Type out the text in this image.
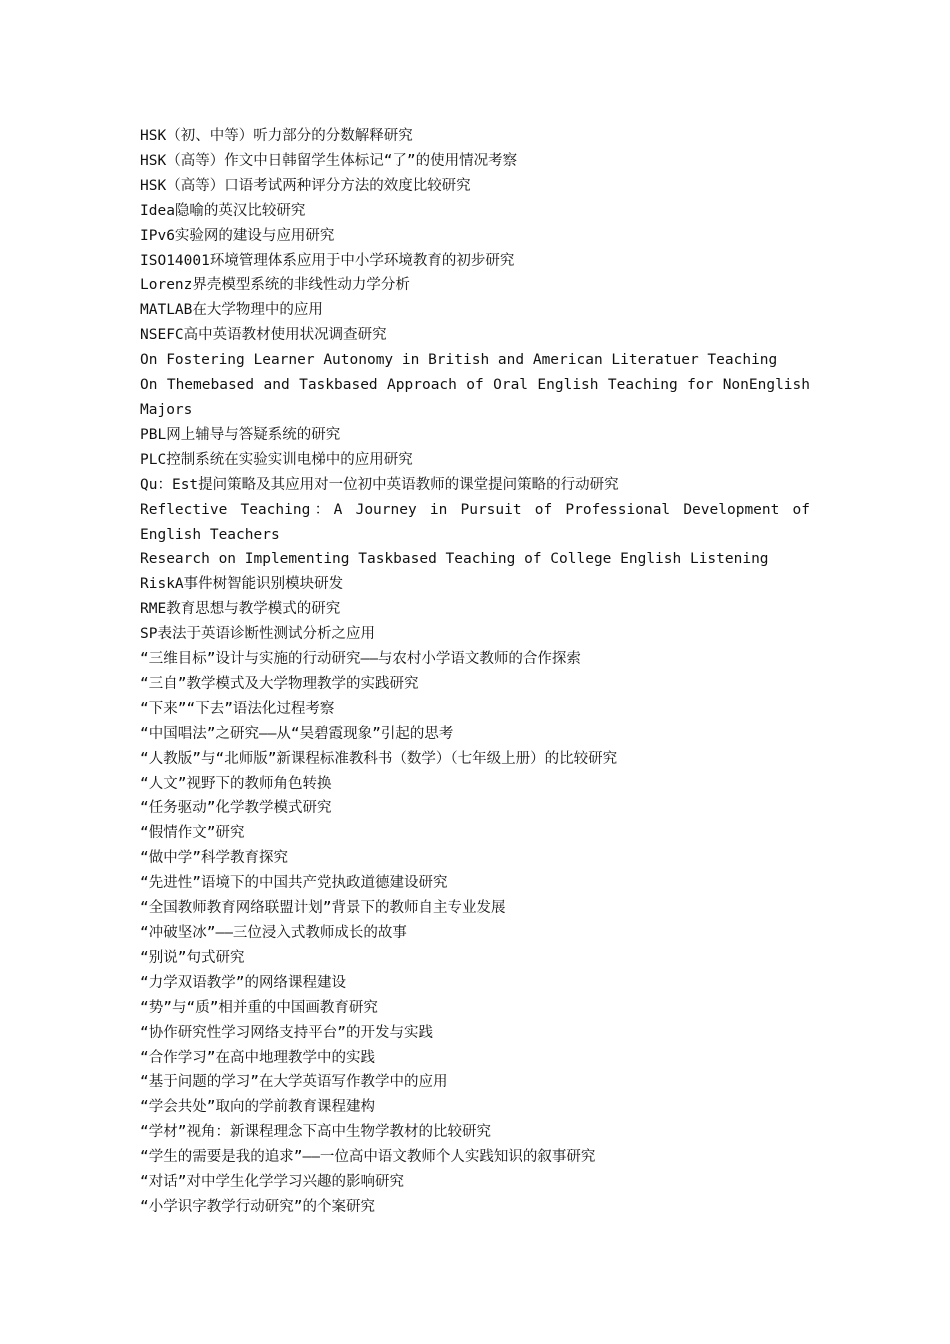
HSK（初、中等）听力部分的分数解释研究
HSK（高等）作文中日韩留学生体标记“了”的使用情况考察
HSK（高等）口语考试两种评分方法的效度比较研究
Idea隐喻的英汉比较研究
IPv6实验网的建设与应用研究
ISO14001环境管理体系应用于中小学环境教育的初步研究
Lorenz界壳模型系统的非线性动力学分析
MATLAB在大学物理中的应用
NSEFC高中英语教材使用状况调查研究
On Fostering Learner Autonomy in British and American Literatuer Teaching
On Themebased and Taskbased Approach of Oral English Teaching for NonEnglish Majors
PBL网上辅导与答疑系统的研究
PLC控制系统在实验实训电梯中的应用研究
Qu：Est提问策略及其应用对一位初中英语教师的课堂提问策略的行动研究
Reflective Teaching：A Journey in Pursuit of Professional Development of English Teachers
Research on Implementing Taskbased Teaching of College English Listening
RiskA事件树智能识别模块研发
RME教育思想与教学模式的研究
SP表法于英语诊断性测试分析之应用
“三维目标”设计与实施的行动研究——与农村小学语文教师的合作探索
“三自”教学模式及大学物理教学的实践研究
“下来”“下去”语法化过程考察
“中国唱法”之研究——从“吴碧霞现象”引起的思考
“人教版”与“北师版”新课程标准教科书（数学）（七年级上册）的比较研究
“人文”视野下的教师角色转换
“任务驱动”化学教学模式研究
“假情作文”研究
“做中学”科学教育探究
“先进性”语境下的中国共产党执政道德建设研究
“全国教师教育网络联盟计划”背景下的教师自主专业发展
“冲破坚冰”——三位浸入式教师成长的故事
“别说”句式研究
“力学双语教学”的网络课程建设
“势”与“质”相并重的中国画教育研究
“协作研究性学习网络支持平台”的开发与实践
“合作学习”在高中地理教学中的实践
“基于问题的学习”在大学英语写作教学中的应用
“学会共处”取向的学前教育课程建构
“学材”视角：新课程理念下高中生物学教材的比较研究
“学生的需要是我的追求”——一位高中语文教师个人实践知识的叙事研究
“对话”对中学生化学学习兴趣的影响研究
“小学识字教学行动研究”的个案研究
